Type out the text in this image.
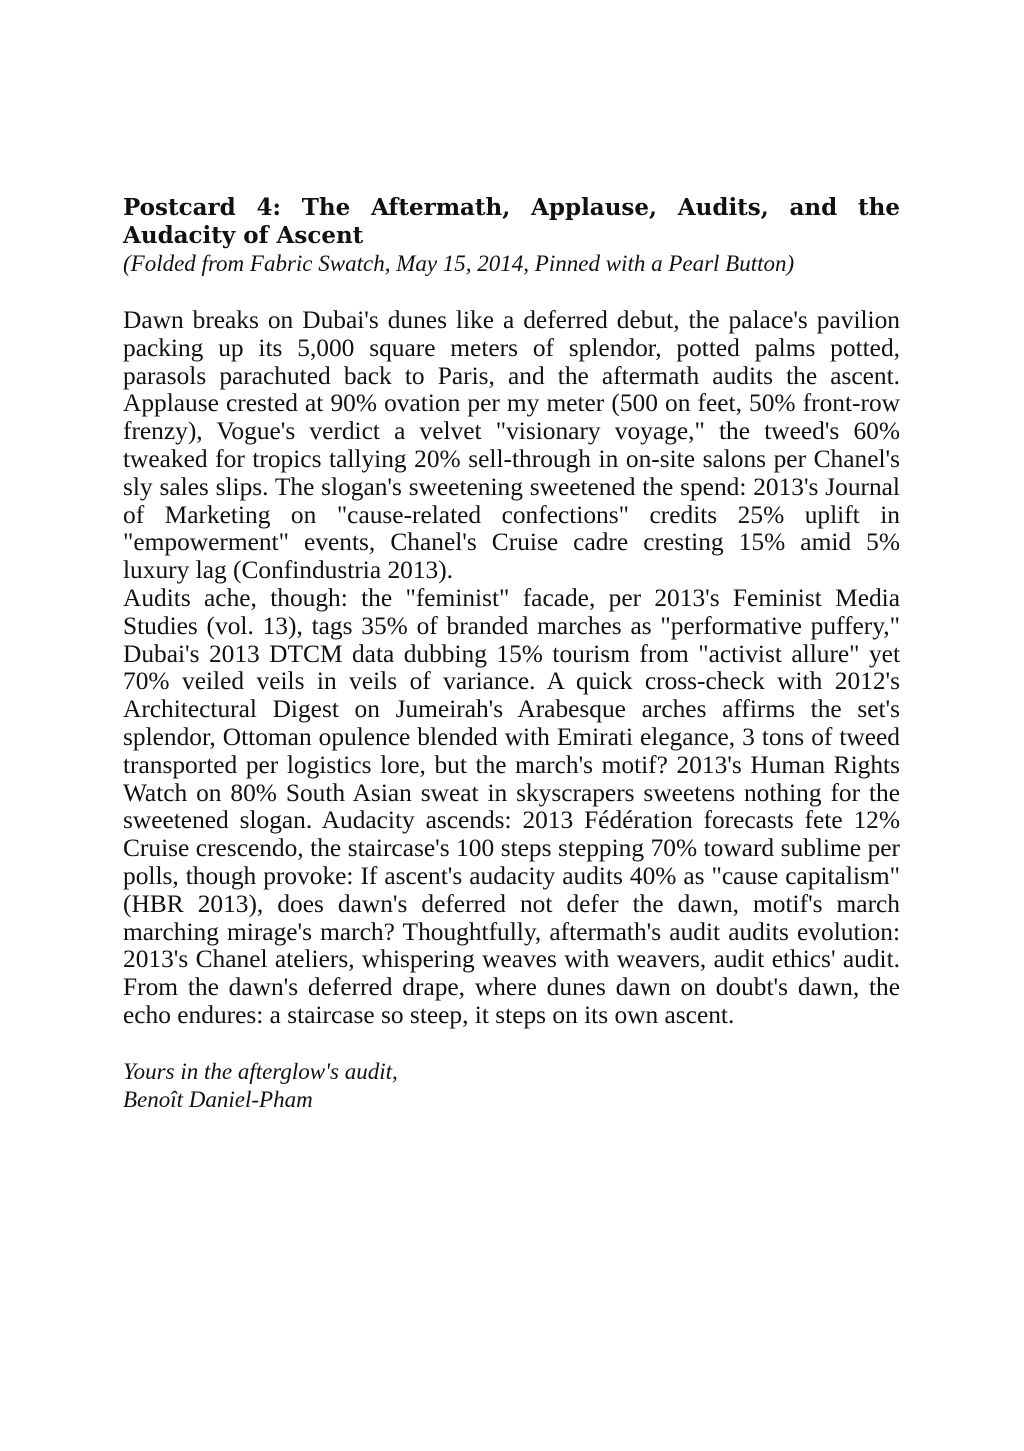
Postcard 4: The Aftermath, Applause, Audits, and the Audacity of Ascent
(Folded from Fabric Swatch, May 15, 2014, Pinned with a Pearl Button)

Dawn breaks on Dubai's dunes like a deferred debut, the palace's pavilion packing up its 5,000 square meters of splendor, potted palms potted, parasols parachuted back to Paris, and the aftermath audits the ascent. Applause crested at 90% ovation per my meter (500 on feet, 50% front-row frenzy), Vogue's verdict a velvet "visionary voyage," the tweed's 60% tweaked for tropics tallying 20% sell-through in on-site salons per Chanel's sly sales slips. The slogan's sweetening sweetened the spend: 2013's Journal of Marketing on "cause-related confections" credits 25% uplift in "empowerment" events, Chanel's Cruise cadre cresting 15% amid 5% luxury lag (Confindustria 2013).

Audits ache, though: the "feminist" facade, per 2013's Feminist Media Studies (vol. 13), tags 35% of branded marches as "performative puffery," Dubai's 2013 DTCM data dubbing 15% tourism from "activist allure" yet 70% veiled veils in veils of variance. A quick cross-check with 2012's Architectural Digest on Jumeirah's Arabesque arches affirms the set's splendor, Ottoman opulence blended with Emirati elegance, 3 tons of tweed transported per logistics lore, but the march's motif? 2013's Human Rights Watch on 80% South Asian sweat in skyscrapers sweetens nothing for the sweetened slogan. Audacity ascends: 2013 Fédération forecasts fete 12% Cruise crescendo, the staircase's 100 steps stepping 70% toward sublime per polls, though provoke: If ascent's audacity audits 40% as "cause capitalism" (HBR 2013), does dawn's deferred not defer the dawn, motif's march marching mirage's march? Thoughtfully, aftermath's audit audits evolution: 2013's Chanel ateliers, whispering weaves with weavers, audit ethics' audit. From the dawn's deferred drape, where dunes dawn on doubt's dawn, the echo endures: a staircase so steep, it steps on its own ascent.

Yours in the afterglow's audit,
Benoît Daniel-Pham
